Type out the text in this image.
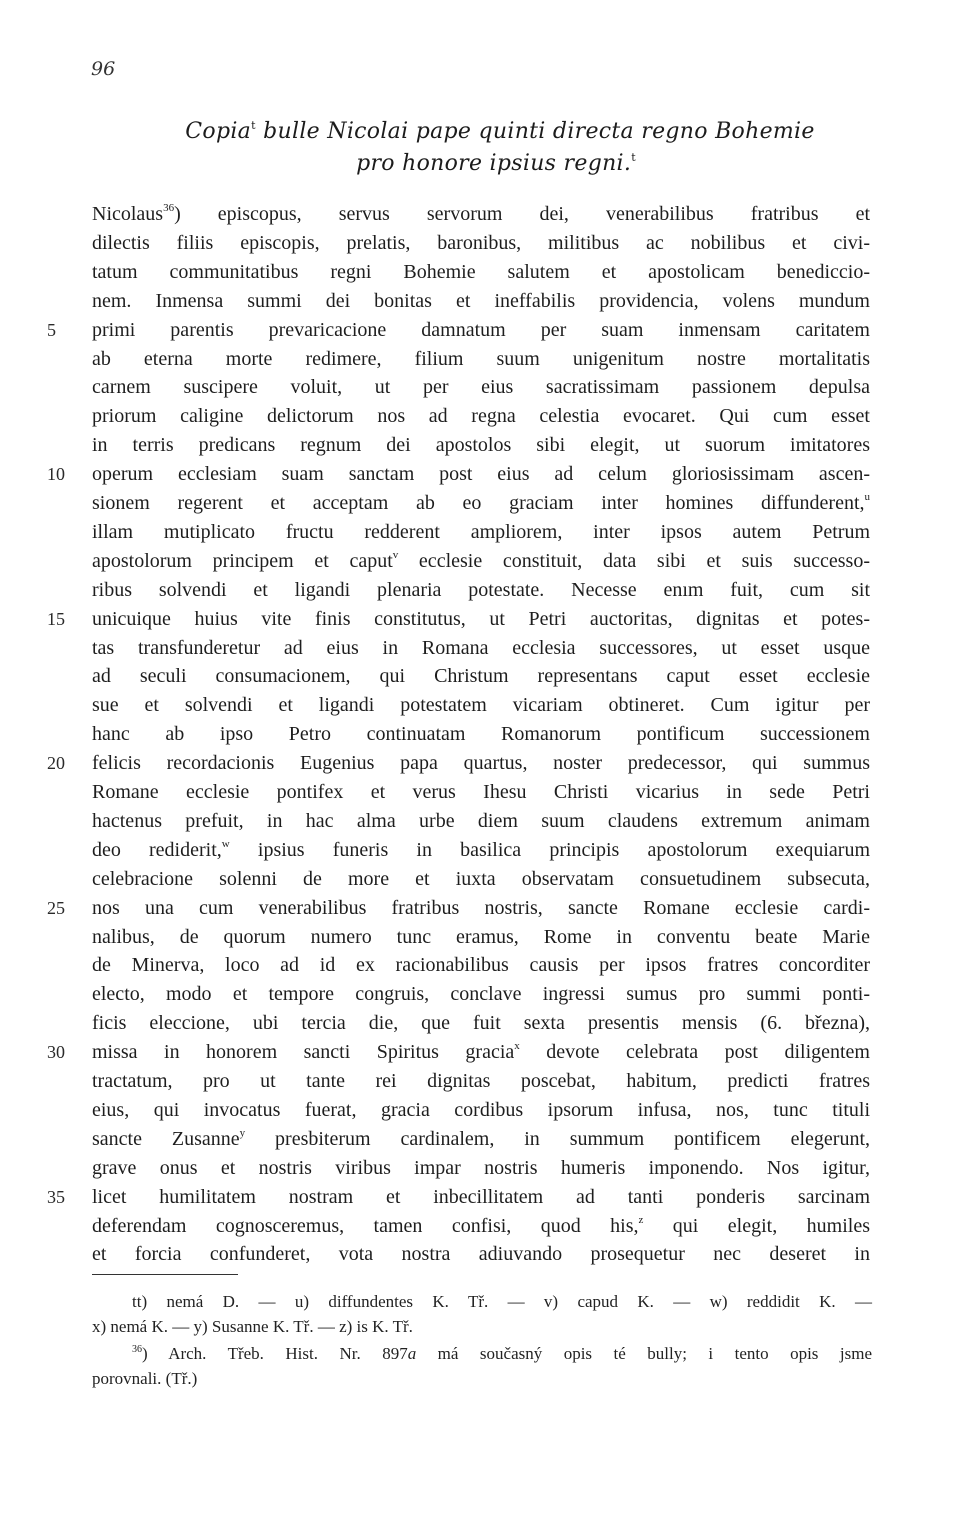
96
Copia$^t$ bulle Nicolai pape quinti directa regno Bohemie
pro honore ipsius regni.$^t$
Nicolaus$^{36}$) episcopus, servus servorum dei, venerabilibus fratribus et
dilectis filiis episcopis, prelatis, baronibus, militibus ac nobilibus et civi-
tatum communitatibus regni Bohemie salutem et apostolicam benediccio-
nem. Inmensa summi dei bonitas et ineffabilis providencia, volens mundum
primi parentis prevaricacione damnatum per suam inmensam caritatem
5
ab eterna morte redimere, filium suum unigenitum nostre mortalitatis
carnem suscipere voluit, ut per eius sacratissimam passionem depulsa
priorum caligine delictorum nos ad regna celestia evocaret. Qui cum esset
in terris predicans regnum dei apostolos sibi elegit, ut suorum imitatores
operum ecclesiam suam sanctam post eius ad celum gloriosissimam ascen-
10
sionem regerent et acceptam ab eo graciam inter homines diffunderent,$^u$
illam mutiplicato fructu redderent ampliorem, inter ipsos autem Petrum
apostolorum principem et caput$^v$ ecclesie constituit, data sibi et suis successo-
ribus solvendi et ligandi plenaria potestate. Necesse enım fuit, cum sit
unicuique huius vite finis constitutus, ut Petri auctoritas, dignitas et potes-
15
tas transfunderetur ad eius in Romana ecclesia successores, ut esset usque
ad seculi consumacionem, qui Christum representans caput esset ecclesie
sue et solvendi et ligandi potestatem vicariam obtineret. Cum igitur per
hanc ab ipso Petro continuatam Romanorum pontificum successionem
felicis recordacionis Eugenius papa quartus, noster predecessor, qui summus
20
Romane ecclesie pontifex et verus Ihesu Christi vicarius in sede Petri
hactenus prefuit, in hac alma urbe diem suum claudens extremum animam
deo rediderit,$^w$ ipsius funeris in basilica principis apostolorum exequiarum
celebracione solenni de more et iuxta observatam consuetudinem subsecuta,
nos una cum venerabilibus fratribus nostris, sancte Romane ecclesie cardi-
25
nalibus, de quorum numero tunc eramus, Rome in conventu beate Marie
de Minerva, loco ad id ex racionabilibus causis per ipsos fratres concorditer
electo, modo et tempore congruis, conclave ingressi sumus pro summi ponti-
ficis eleccione, ubi tercia die, que fuit sexta presentis mensis (6. března),
missa in honorem sancti Spiritus gracia$^x$ devote celebrata post diligentem
30
tractatum, pro ut tante rei dignitas poscebat, habitum, predicti fratres
eius, qui invocatus fuerat, gracia cordibus ipsorum infusa, nos, tunc tituli
sancte Zusanne$^y$ presbiterum cardinalem, in summum pontificem elegerunt,
grave onus et nostris viribus impar nostris humeris imponendo. Nos igitur,
licet humilitatem nostram et inbecillitatem ad tanti ponderis sarcinam
35
deferendam cognosceremus, tamen confisi, quod his,$^z$ qui elegit, humiles
et forcia confunderet, vota nostra adiuvando prosequetur nec deseret in
tt) nemá D. — u) diffundentes K. Tř. — v) capud K. — w) reddidit K. —
x) nemá K. — y) Susanne K. Tř. — z) is K. Tř.
$^{36}$) Arch. Třeb. Hist. Nr. 897a má současný opis té bully; i tento opis jsme
porovnali. (Tř.)
